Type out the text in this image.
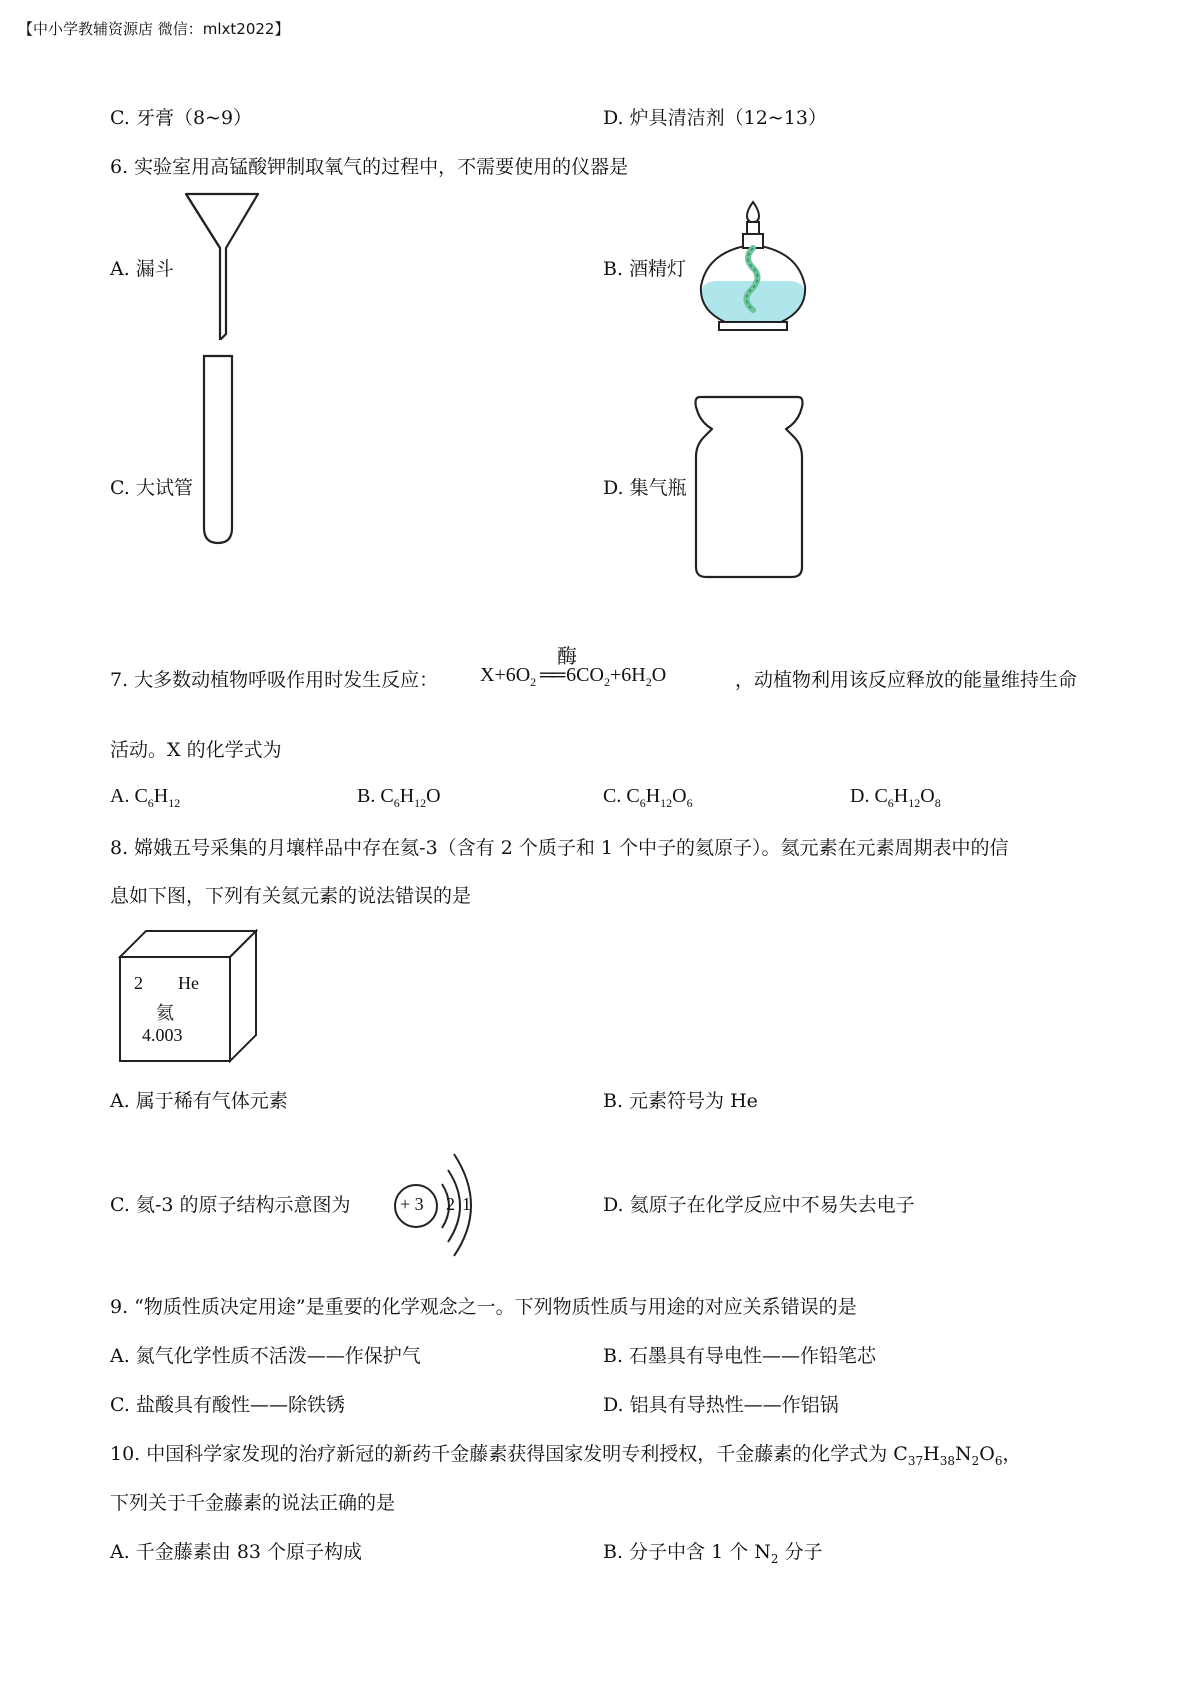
【中小学教辅资源店 微信：mlxt2022】
C. 牙膏（8~9）	D. 炉具清洁剂（12~13）
6. 实验室用高锰酸钾制取氧气的过程中，不需要使用的仪器是
A. 漏斗	B. 酒精灯
C. 大试管	D. 集气瓶
7. 大多数动植物呼吸作用时发生反应：
酶
$X+6O_2$ ══ $6CO_2+6H_2O$	，动植物利用该反应释放的能量维持生命
活动。X 的化学式为
A. $C_6H_{12}$	B. $C_6H_{12}O$	C. $C_6H_{12}O_6$	D. $C_6H_{12}O_8$
8. 嫦娥五号采集的月壤样品中存在氦-3（含有 2 个质子和 1 个中子的氦原子）。氦元素在元素周期表中的信
息如下图，下列有关氦元素的说法错误的是
2 He
氦
4.003
A. 属于稀有气体元素	B. 元素符号为 He
C. 氦-3 的原子结构示意图为	+ 3 2 1	D. 氦原子在化学反应中不易失去电子
9. “物质性质决定用途”是重要的化学观念之一。下列物质性质与用途的对应关系错误的是
A. 氮气化学性质不活泼——作保护气	B. 石墨具有导电性——作铅笔芯
C. 盐酸具有酸性——除铁锈	D. 铝具有导热性——作铝锅
10. 中国科学家发现的治疗新冠的新药千金藤素获得国家发明专利授权，千金藤素的化学式为 $C_{37}H_{38}N_2O_6$，
下列关于千金藤素的说法正确的是
A. 千金藤素由 83 个原子构成	B. 分子中含 1 个 $N_2$ 分子
